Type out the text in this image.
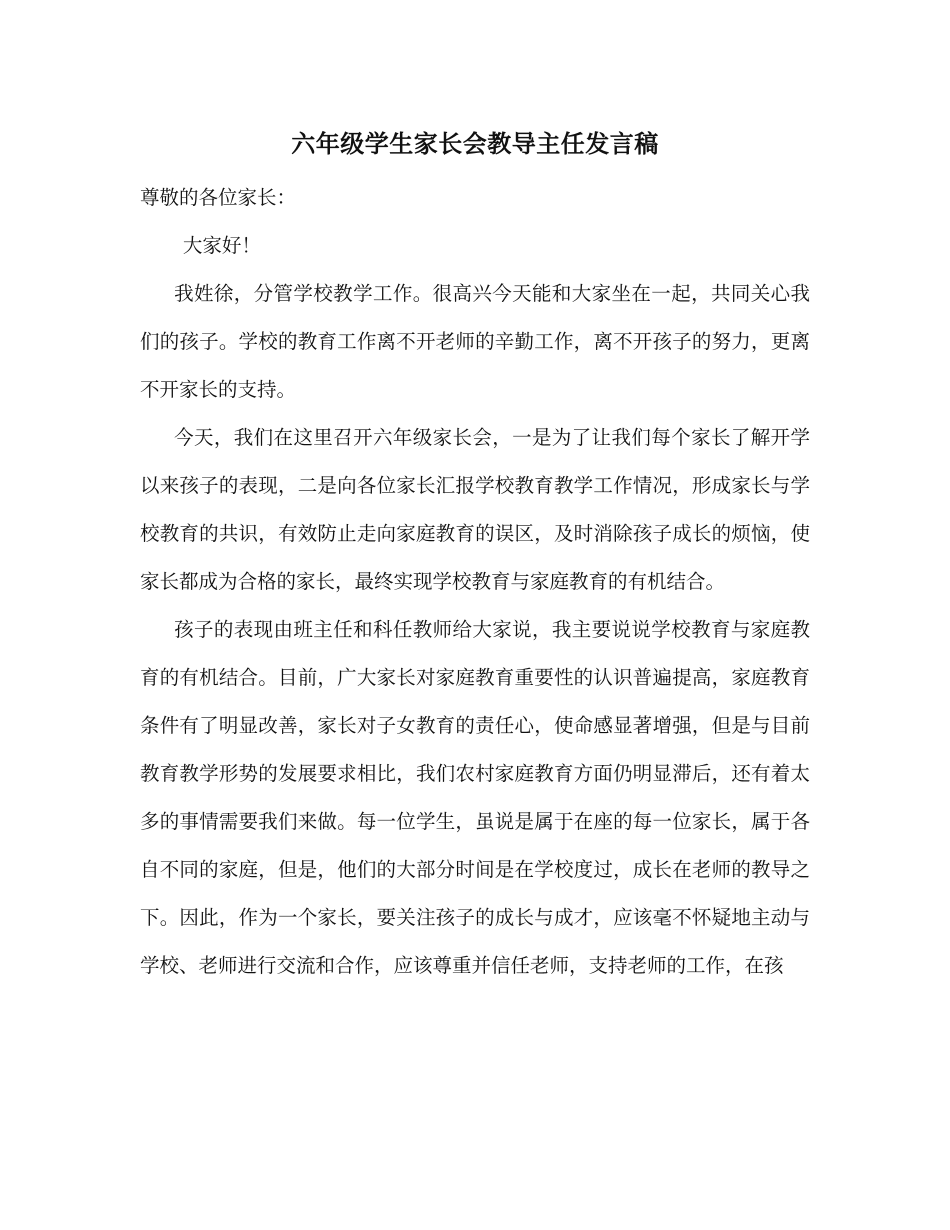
六年级学生家长会教导主任发言稿

尊敬的各位家长：

大家好！

我姓徐，分管学校教学工作。很高兴今天能和大家坐在一起，共同关心我们的孩子。学校的教育工作离不开老师的辛勤工作，离不开孩子的努力，更离不开家长的支持。

今天，我们在这里召开六年级家长会，一是为了让我们每个家长了解开学以来孩子的表现，二是向各位家长汇报学校教育教学工作情况，形成家长与学校教育的共识，有效防止走向家庭教育的误区，及时消除孩子成长的烦恼，使家长都成为合格的家长，最终实现学校教育与家庭教育的有机结合。

孩子的表现由班主任和科任教师给大家说，我主要说说学校教育与家庭教育的有机结合。目前，广大家长对家庭教育重要性的认识普遍提高，家庭教育条件有了明显改善，家长对子女教育的责任心，使命感显著增强，但是与目前教育教学形势的发展要求相比，我们农村家庭教育方面仍明显滞后，还有着太多的事情需要我们来做。每一位学生，虽说是属于在座的每一位家长，属于各自不同的家庭，但是，他们的大部分时间是在学校度过，成长在老师的教导之下。因此，作为一个家长，要关注孩子的成长与成才，应该毫不怀疑地主动与学校、老师进行交流和合作，应该尊重并信任老师，支持老师的工作，在孩
